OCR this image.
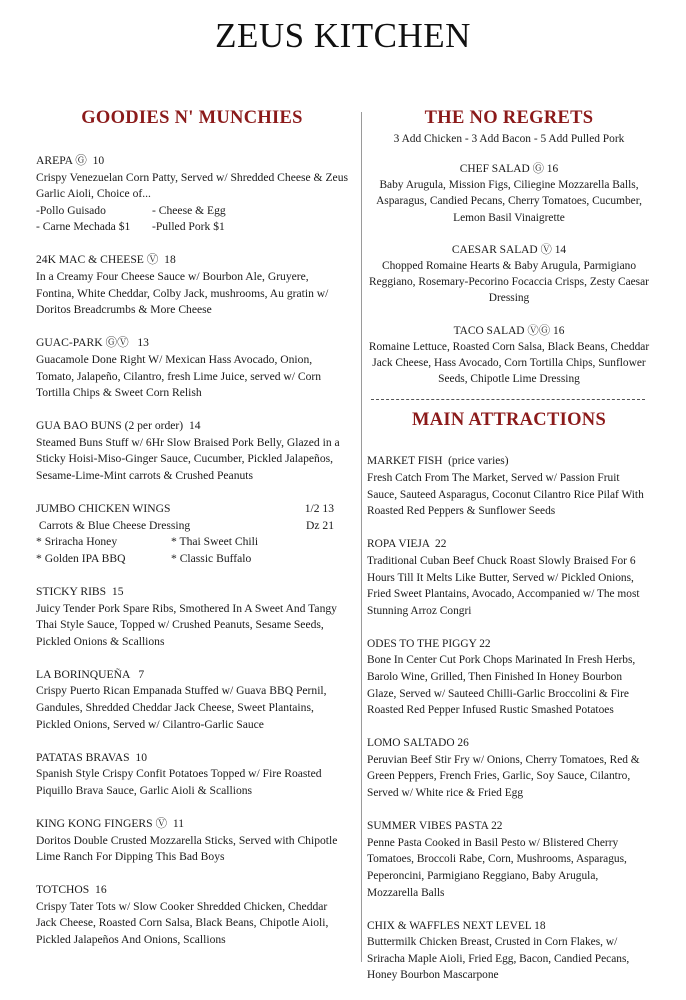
ZEUS KITCHEN
GOODIES N' MUNCHIES
AREPA Ⓖ  10
Crispy Venezuelan Corn Patty, Served w/ Shredded Cheese & Zeus Garlic Aioli, Choice of...
-Pollo Guisado	- Cheese & Egg
- Carne Mechada $1	-Pulled Pork $1
24K MAC & CHEESE Ⓥ  18
In a Creamy Four Cheese Sauce w/ Bourbon Ale, Gruyere, Fontina, White Cheddar, Colby Jack, mushrooms, Au gratin w/ Doritos Breadcrumbs & More Cheese
GUAC-PARK ⒼⓋ   13
Guacamole Done Right W/ Mexican Hass Avocado, Onion, Tomato, Jalapeño, Cilantro, fresh Lime Juice, served w/ Corn Tortilla Chips & Sweet Corn Relish
GUA BAO BUNS (2 per order)  14
Steamed Buns Stuff w/ 6Hr Slow Braised Pork Belly, Glazed in a Sticky Hoisi-Miso-Ginger Sauce, Cucumber, Pickled Jalapeños, Sesame-Lime-Mint carrots & Crushed Peanuts
JUMBO CHICKEN WINGS	1/2 13
Carrots & Blue Cheese Dressing	Dz 21
* Sriracha Honey	* Thai Sweet Chili
* Golden IPA BBQ	* Classic Buffalo
STICKY RIBS  15
Juicy Tender Pork Spare Ribs, Smothered In A Sweet And Tangy Thai Style Sauce, Topped w/ Crushed Peanuts, Sesame Seeds, Pickled Onions & Scallions
LA BORINQUEÑA   7
Crispy Puerto Rican Empanada Stuffed w/ Guava BBQ Pernil, Gandules, Shredded Cheddar Jack Cheese, Sweet Plantains, Pickled Onions, Served w/ Cilantro-Garlic Sauce
PATATAS BRAVAS  10
Spanish Style Crispy Confit Potatoes Topped w/ Fire Roasted Piquillo Brava Sauce, Garlic Aioli & Scallions
KING KONG FINGERS Ⓥ  11
Doritos Double Crusted Mozzarella Sticks, Served with Chipotle Lime Ranch For Dipping This Bad Boys
TOTCHOS  16
Crispy Tater Tots w/ Slow Cooker Shredded Chicken, Cheddar Jack Cheese, Roasted Corn Salsa, Black Beans, Chipotle Aioli, Pickled Jalapeños And Onions, Scallions
THE NO REGRETS
3 Add Chicken - 3 Add Bacon - 5 Add Pulled Pork
CHEF SALAD Ⓖ 16
Baby Arugula, Mission Figs, Ciliegine Mozzarella Balls, Asparagus, Candied Pecans, Cherry Tomatoes, Cucumber, Lemon Basil Vinaigrette
CAESAR SALAD Ⓥ 14
Chopped Romaine Hearts & Baby Arugula, Parmigiano Reggiano, Rosemary-Pecorino Focaccia Crisps, Zesty Caesar Dressing
TACO SALAD ⓋⒼ 16
Romaine Lettuce, Roasted Corn Salsa, Black Beans, Cheddar Jack Cheese, Hass Avocado, Corn Tortilla Chips, Sunflower Seeds, Chipotle Lime Dressing
MAIN ATTRACTIONS
MARKET FISH  (price varies)
Fresh Catch From The Market, Served w/ Passion Fruit Sauce, Sauteed Asparagus, Coconut Cilantro Rice Pilaf With Roasted Red Peppers & Sunflower Seeds
ROPA VIEJA  22
Traditional Cuban Beef Chuck Roast Slowly Braised For 6 Hours Till It Melts Like Butter, Served w/ Pickled Onions, Fried Sweet Plantains, Avocado, Accompanied w/ The most Stunning Arroz Congri
ODES TO THE PIGGY 22
Bone In Center Cut Pork Chops Marinated In Fresh Herbs, Barolo Wine, Grilled, Then Finished In Honey Bourbon Glaze, Served w/ Sauteed Chilli-Garlic Broccolini & Fire Roasted Red Pepper Infused Rustic Smashed Potatoes
LOMO SALTADO 26
Peruvian Beef Stir Fry w/ Onions, Cherry Tomatoes, Red & Green Peppers, French Fries, Garlic, Soy Sauce, Cilantro, Served w/ White rice & Fried Egg
SUMMER VIBES PASTA 22
Penne Pasta Cooked in Basil Pesto w/ Blistered Cherry Tomatoes, Broccoli Rabe, Corn, Mushrooms, Asparagus, Peperoncini, Parmigiano Reggiano, Baby Arugula, Mozzarella Balls
CHIX & WAFFLES NEXT LEVEL 18
Buttermilk Chicken Breast, Crusted in Corn Flakes, w/ Sriracha Maple Aioli, Fried Egg, Bacon, Candied Pecans, Honey Bourbon Mascarpone
